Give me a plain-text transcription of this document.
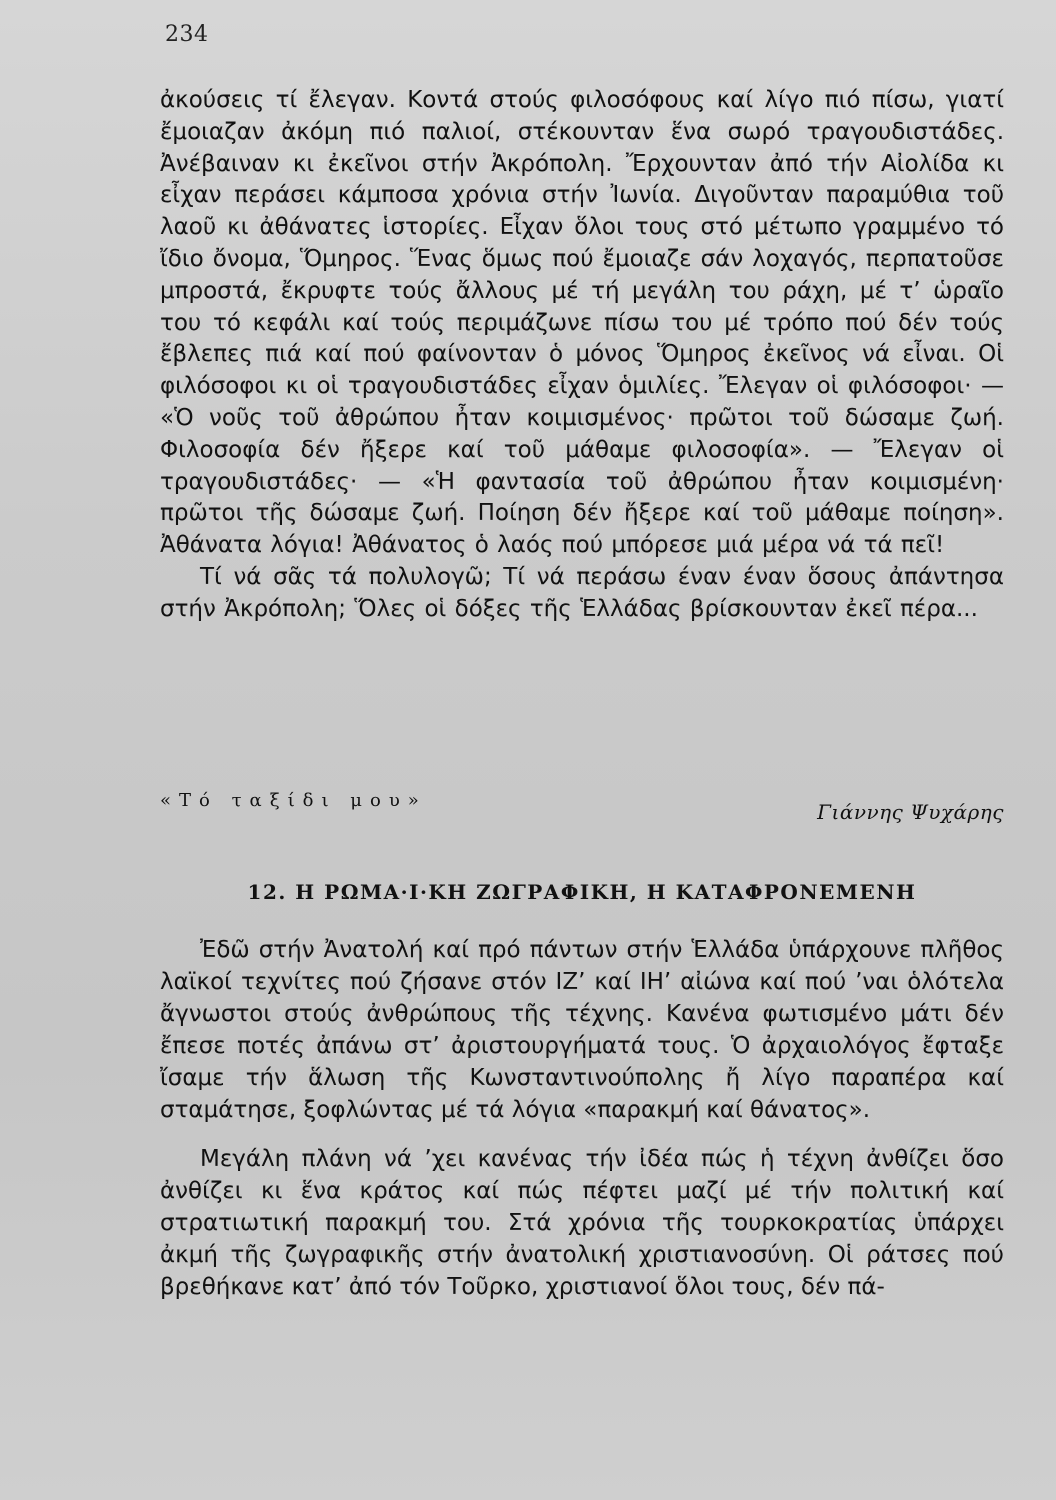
234

ἀκούσεις τί ἔλεγαν. Κοντά στούς φιλοσόφους καί λίγο πιό πίσω, γιατί ἔμοιαζαν ἀκόμη πιό παλιοί, στέκουνταν ἕνα σωρό τραγουδιστάδες. Ἀνέβαιναν κι ἐκεῖνοι στήν Ἀκρόπολη. Ἔρχουνταν ἀπό τήν Αἰολίδα κι εἶχαν περάσει κάμποσα χρόνια στήν Ἰωνία. Διγοῦνταν παραμύθια τοῦ λαοῦ κι ἀθάνατες ἱστορίες. Εἶχαν ὅλοι τους στό μέτωπο γραμμένο τό ἴδιο ὄνομα, Ὅμηρος. Ἕνας ὅμως πού ἔμοιαζε σάν λοχαγός, περπατοῦσε μπροστά, ἔκρυφτε τούς ἄλλους μέ τή μεγάλη του ράχη, μέ τ’ ὡραῖο του τό κεφάλι καί τούς περιμάζωνε πίσω του μέ τρόπο πού δέν τούς ἔβλεπες πιά καί πού φαίνονταν ὁ μόνος Ὅμηρος ἐκεῖνος νά εἶναι. Οἱ φιλόσοφοι κι οἱ τραγουδιστάδες εἶχαν ὁμιλίες. Ἔλεγαν οἱ φιλόσοφοι· — «Ὁ νοῦς τοῦ ἀθρώπου ἦταν κοιμισμένος· πρῶτοι τοῦ δώσαμε ζωή. Φιλοσοφία δέν ἤξερε καί τοῦ μάθαμε φιλοσοφία». — Ἔλεγαν οἱ τραγουδιστάδες· — «Ἡ φαντασία τοῦ ἀθρώπου ἦταν κοιμισμένη· πρῶτοι τῆς δώσαμε ζωή. Ποίηση δέν ἤξερε καί τοῦ μάθαμε ποίηση». Ἀθάνατα λόγια! Ἀθάνατος ὁ λαός πού μπόρεσε μιά μέρα νά τά πεῖ!

Τί νά σᾶς τά πολυλογῶ; Τί νά περάσω έναν έναν ὅσους ἀπάντησα στήν Ἀκρόπολη; Ὅλες οἱ δόξες τῆς Ἑλλάδας βρίσκουνταν ἐκεῖ πέρα...

«Τό ταξίδι μου»	Γιάννης Ψυχάρης
12. Η ΡΩΜΑ·Ι·ΚΗ ΖΩΓΡΑΦΙΚΗ, Η ΚΑΤΑΦΡΟΝΕΜΕΝΗ

Ἐδῶ στήν Ἀνατολή καί πρό πάντων στήν Ἑλλάδα ὑπάρχουνε πλῆθος λαϊκοί τεχνίτες πού ζήσανε στόν ΙΖ’ καί ΙΗ’ αἰώνα καί πού ’ναι ὁλότελα ἄγνωστοι στούς ἀνθρώπους τῆς τέχνης. Κανένα φωτισμένο μάτι δέν ἔπεσε ποτές ἀπάνω στ’ ἀριστουργήματά τους. Ὁ ἀρχαιολόγος ἔφταξε ἴσαμε τήν ἅλωση τῆς Κωνσταντινούπολης ἤ λίγο παραπέρα καί σταμάτησε, ξοφλώντας μέ τά λόγια «παρακμή καί θάνατος».

Μεγάλη πλάνη νά ’χει κανένας τήν ἰδέα πώς ἡ τέχνη ἀνθίζει ὅσο ἀνθίζει κι ἕνα κράτος καί πώς πέφτει μαζί μέ τήν πολιτική καί στρατιωτική παρακμή του. Στά χρόνια τῆς τουρκοκρατίας ὑπάρχει ἀκμή τῆς ζωγραφικῆς στήν ἀνατολική χριστιανοσύνη. Οἱ ράτσες πού βρεθήκανε κατ’ ἀπό τόν Τοῦρκο, χριστιανοί ὅλοι τους, δέν πά-
